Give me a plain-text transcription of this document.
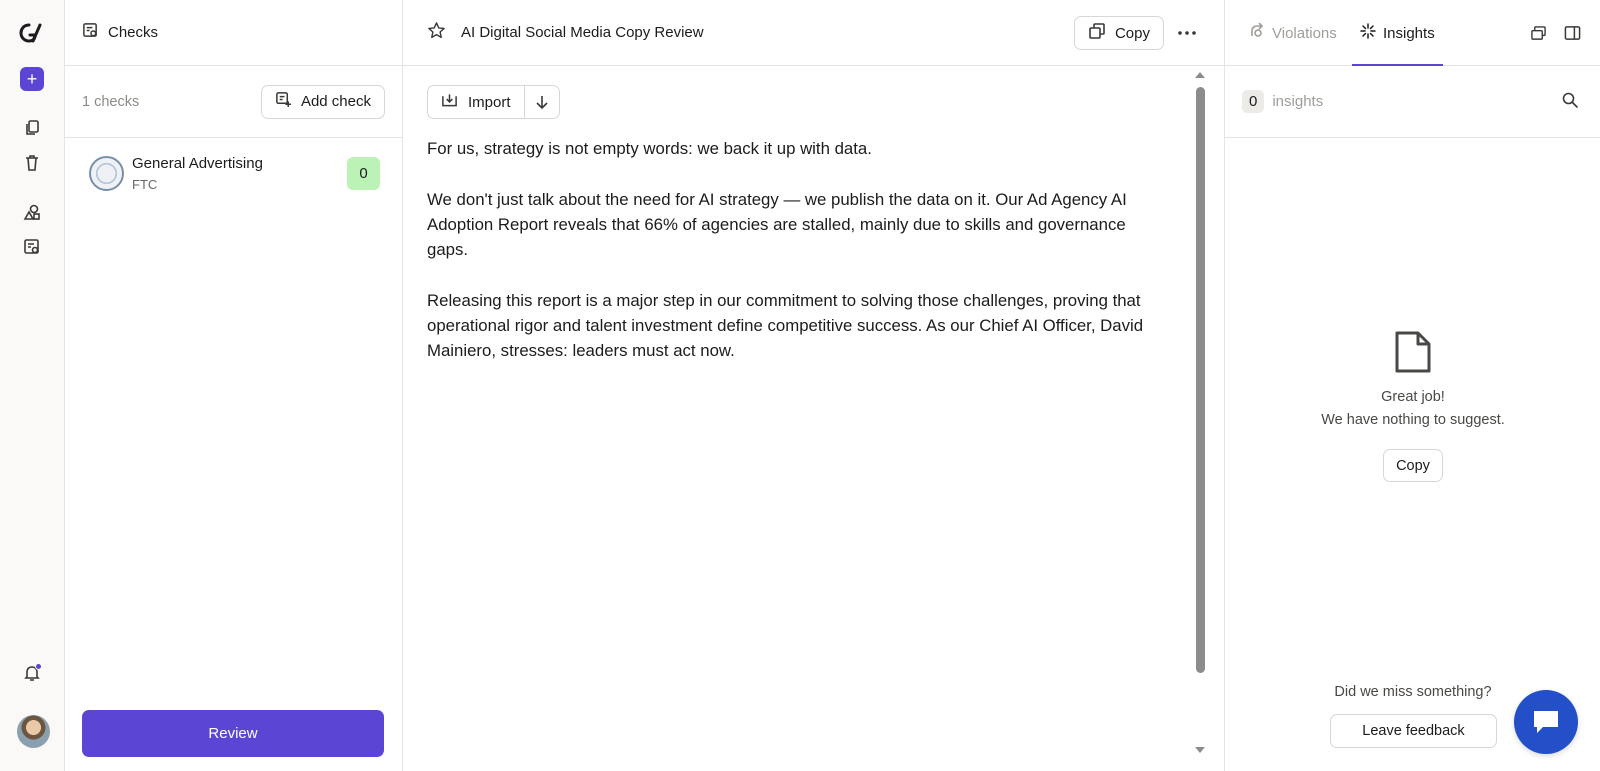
+
Checks
1 checks	Add check
General Advertising
FTC
0
Review
AI Digital Social Media Copy Review	Copy
Import

For us, strategy is not empty words: we back it up with data.

We don't just talk about the need for AI strategy — we publish the data on it. Our Ad Agency AI Adoption Report reveals that 66% of agencies are stalled, mainly due to skills and governance gaps.

Releasing this report is a major step in our commitment to solving those challenges, proving that operational rigor and talent investment define competitive success. As our Chief AI Officer, David Mainiero, stresses: leaders must act now.

Violations	Insights
0	insights
Great job!
We have nothing to suggest.
Copy
Did we miss something?
Leave feedback
